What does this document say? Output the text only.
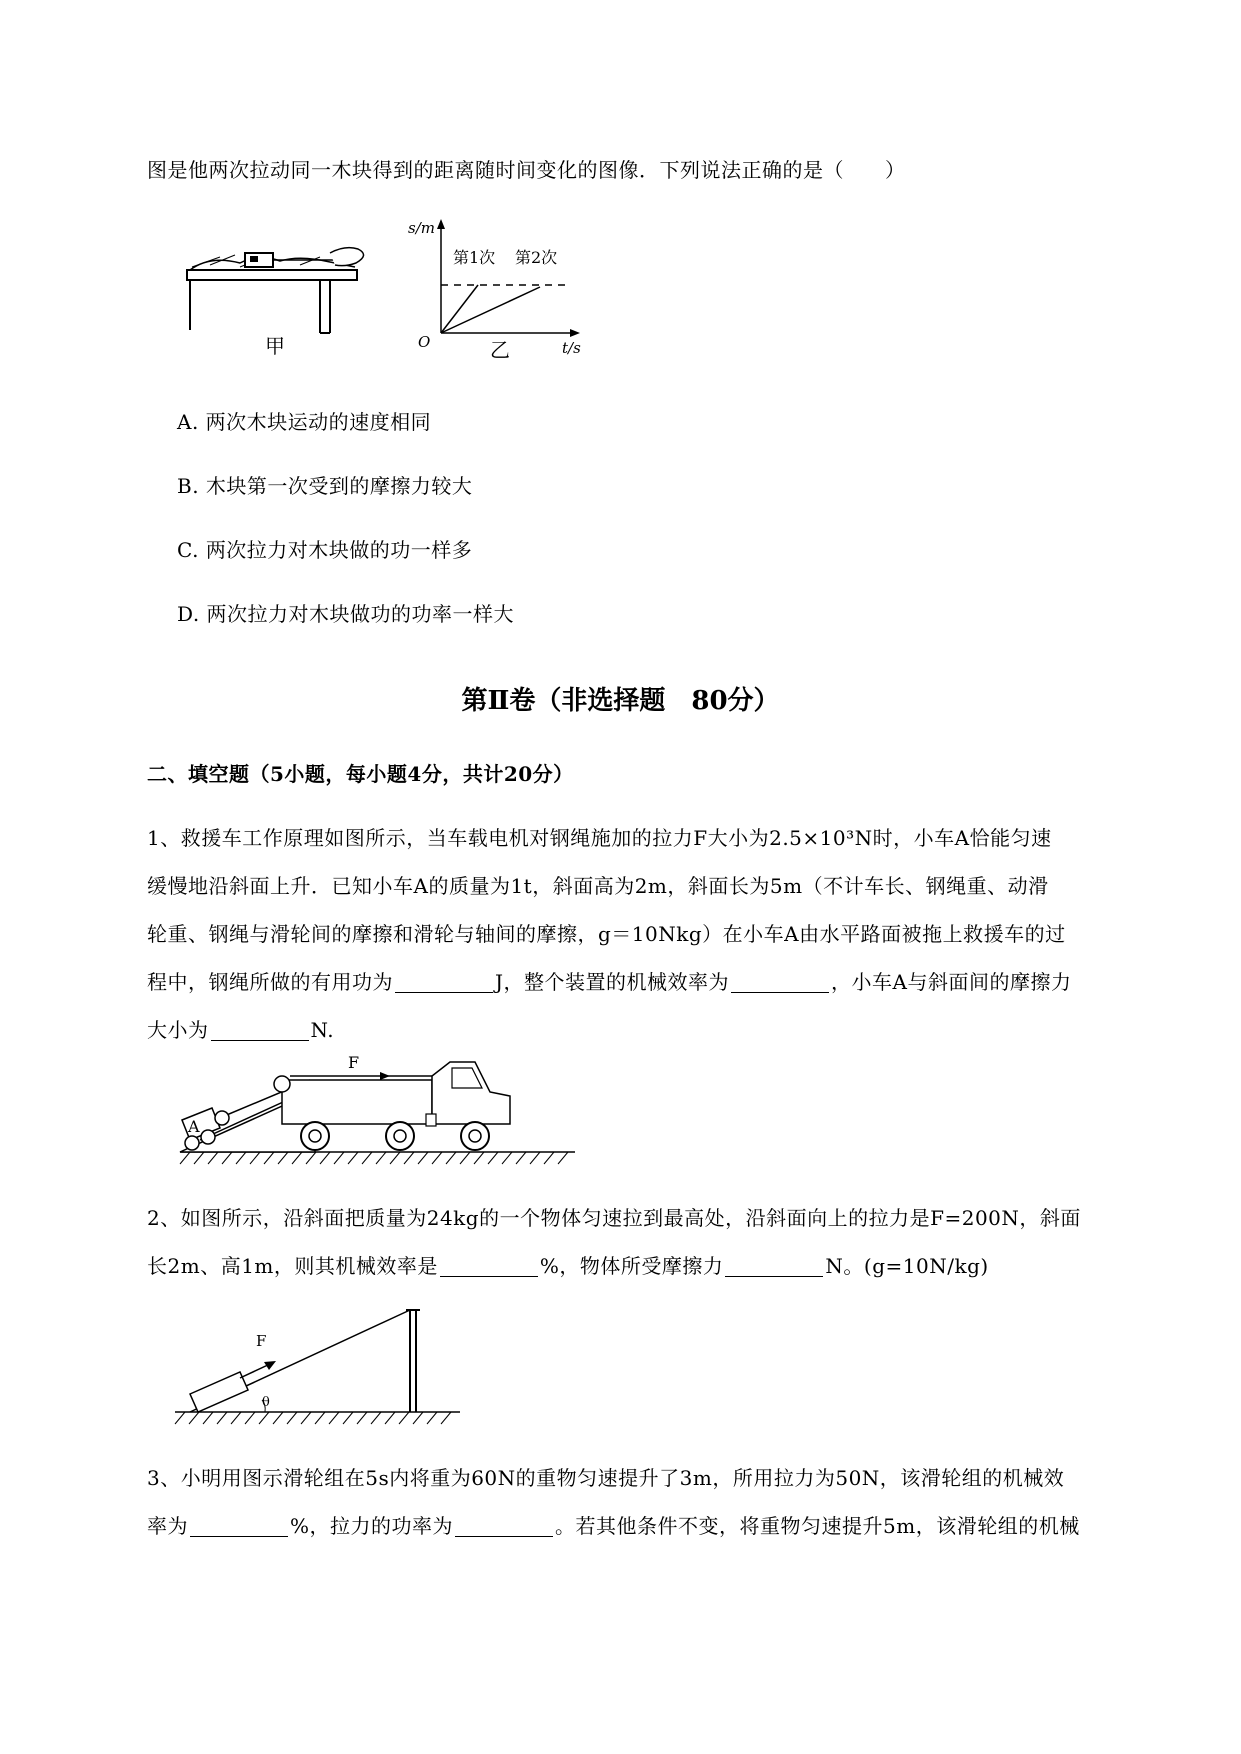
图是他两次拉动同一木块得到的距离随时间变化的图像．下列说法正确的是（　　）
甲
s/m
t/s
O
第1次 第2次
乙
A. 两次木块运动的速度相同
B. 木块第一次受到的摩擦力较大
C. 两次拉力对木块做的功一样多
D. 两次拉力对木块做功的功率一样大
第Ⅱ卷（非选择题　80分）
二、填空题（5小题，每小题4分，共计20分）
1、救援车工作原理如图所示，当车载电机对钢绳施加的拉力F大小为2.5×10³N时，小车A恰能匀速
缓慢地沿斜面上升．已知小车A的质量为1t，斜面高为2m，斜面长为5m（不计车长、钢绳重、动滑
轮重、钢绳与滑轮间的摩擦和滑轮与轴间的摩擦，g＝10Nkg）在小车A由水平路面被拖上救援车的过
程中，钢绳所做的有用功为	J，整个装置的机械效率为	，小车A与斜面间的摩擦力
大小为	N.
A
F
2、如图所示，沿斜面把质量为24kg的一个物体匀速拉到最高处，沿斜面向上的拉力是F=200N，斜面
长2m、高1m，则其机械效率是	%，物体所受摩擦力	N。(g=10N/kg)
F
θ
3、小明用图示滑轮组在5s内将重为60N的重物匀速提升了3m，所用拉力为50N，该滑轮组的机械效
率为	%，拉力的功率为	。若其他条件不变，将重物匀速提升5m，该滑轮组的机械
